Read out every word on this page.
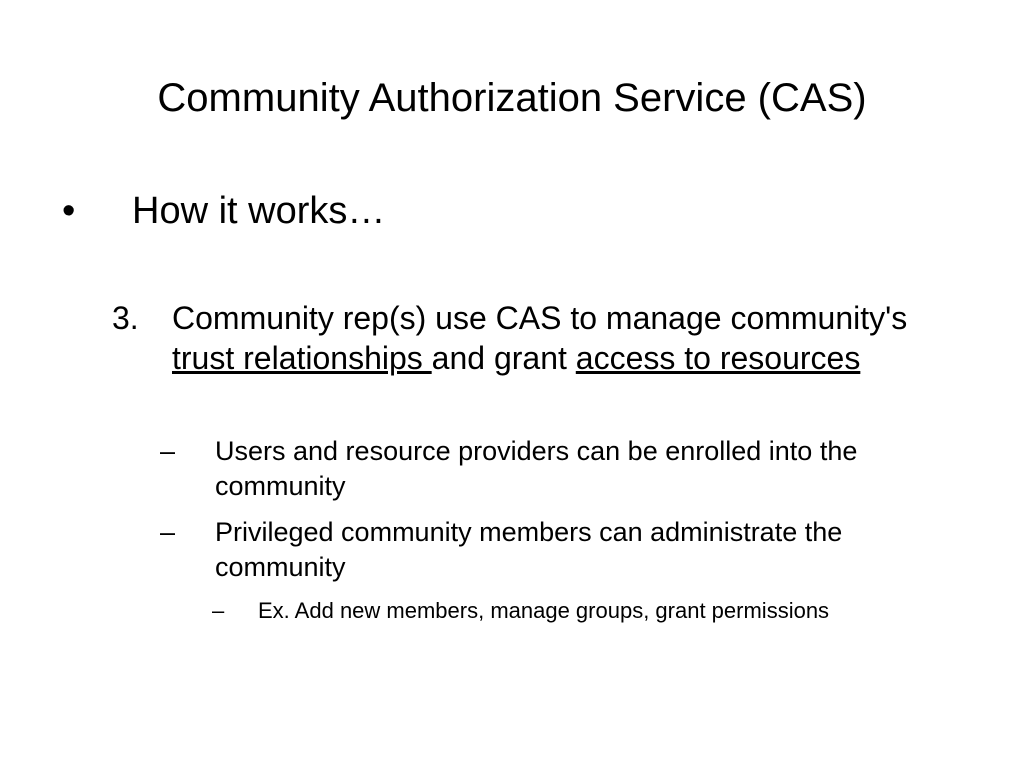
Community Authorization Service (CAS)
• How it works…
3. Community rep(s) use CAS to manage community's trust relationships and grant access to resources
– Users and resource providers can be enrolled into the community
– Privileged community members can administrate the community
– Ex. Add new members, manage groups, grant permissions
